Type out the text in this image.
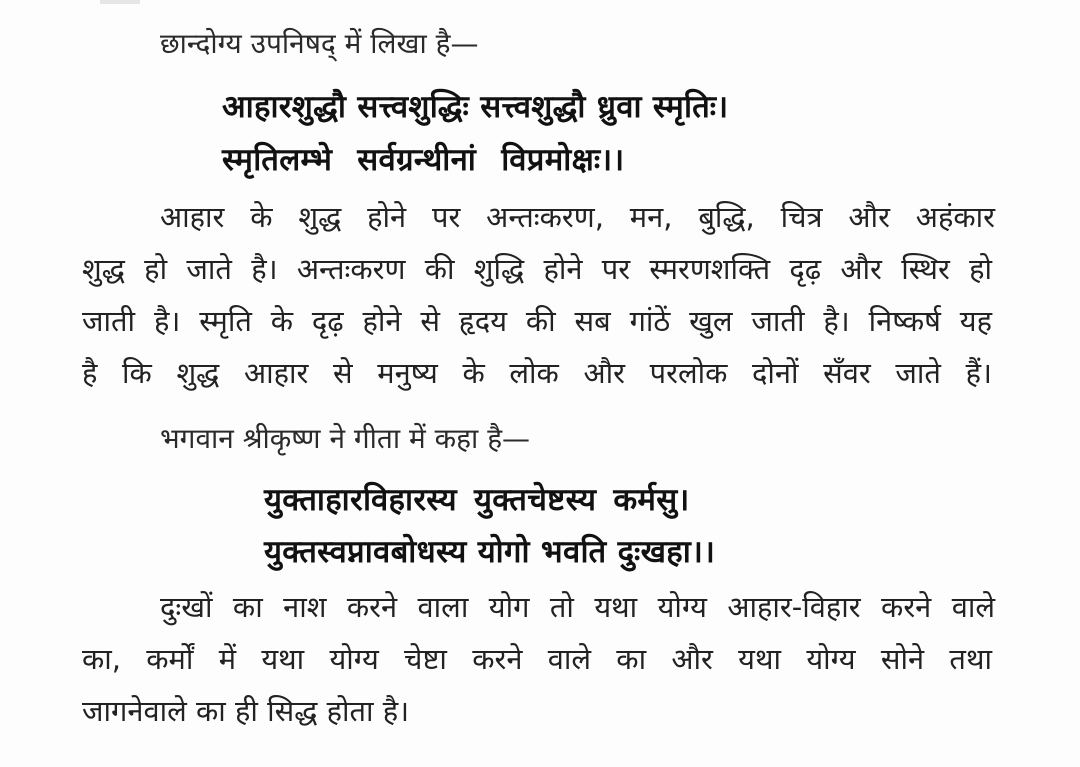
छान्दोग्य उपनिषद् में लिखा है—

आहारशुद्धौ सत्त्वशुद्धिः सत्त्वशुद्धौ ध्रुवा स्मृतिः।

स्मृतिलम्भे सर्वग्रन्थीनां विप्रमोक्षः।।

आहार के शुद्ध होने पर अन्तःकरण, मन, बुद्धि, चित्र और अहंकार

शुद्ध हो जाते है। अन्तःकरण की शुद्धि होने पर स्मरणशक्ति दृढ़ और स्थिर हो

जाती है। स्मृति के दृढ़ होने से हृदय की सब गांठें खुल जाती है। निष्कर्ष यह

है कि शुद्ध आहार से मनुष्य के लोक और परलोक दोनों सँवर जाते हैं।

भगवान श्रीकृष्ण ने गीता में कहा है—

युक्ताहारविहारस्य युक्तचेष्टस्य कर्मसु।

युक्तस्वप्नावबोधस्य योगो भवति दुःखहा।।

दुःखों का नाश करने वाला योग तो यथा योग्य आहार-विहार करने वाले

का, कर्मों में यथा योग्य चेष्टा करने वाले का और यथा योग्य सोने तथा

जागनेवाले का ही सिद्ध होता है।
